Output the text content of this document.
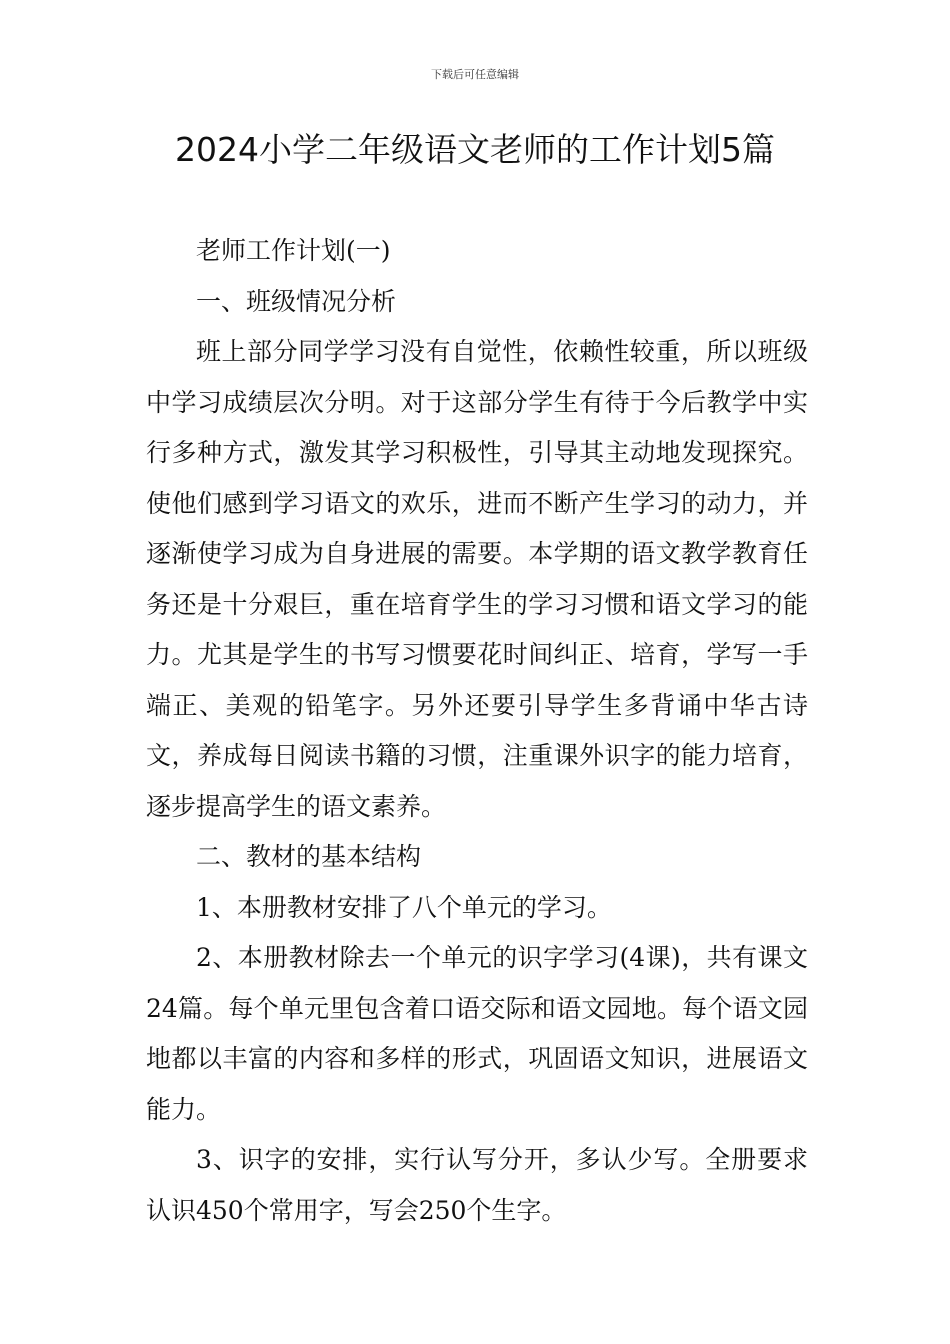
下载后可任意编辑
2024小学二年级语文老师的工作计划5篇

老师工作计划(一)

一、班级情况分析

班上部分同学学习没有自觉性，依赖性较重，所以班级中学习成绩层次分明。对于这部分学生有待于今后教学中实行多种方式，激发其学习积极性，引导其主动地发现探究。使他们感到学习语文的欢乐，进而不断产生学习的动力，并逐渐使学习成为自身进展的需要。本学期的语文教学教育任务还是十分艰巨，重在培育学生的学习习惯和语文学习的能力。尤其是学生的书写习惯要花时间纠正、培育，学写一手端正、美观的铅笔字。另外还要引导学生多背诵中华古诗文，养成每日阅读书籍的习惯，注重课外识字的能力培育，逐步提高学生的语文素养。

二、教材的基本结构

1、本册教材安排了八个单元的学习。

2、本册教材除去一个单元的识字学习(4课)，共有课文24篇。每个单元里包含着口语交际和语文园地。每个语文园地都以丰富的内容和多样的形式，巩固语文知识，进展语文能力。

3、识字的安排，实行认写分开，多认少写。全册要求认识450个常用字，写会250个生字。
